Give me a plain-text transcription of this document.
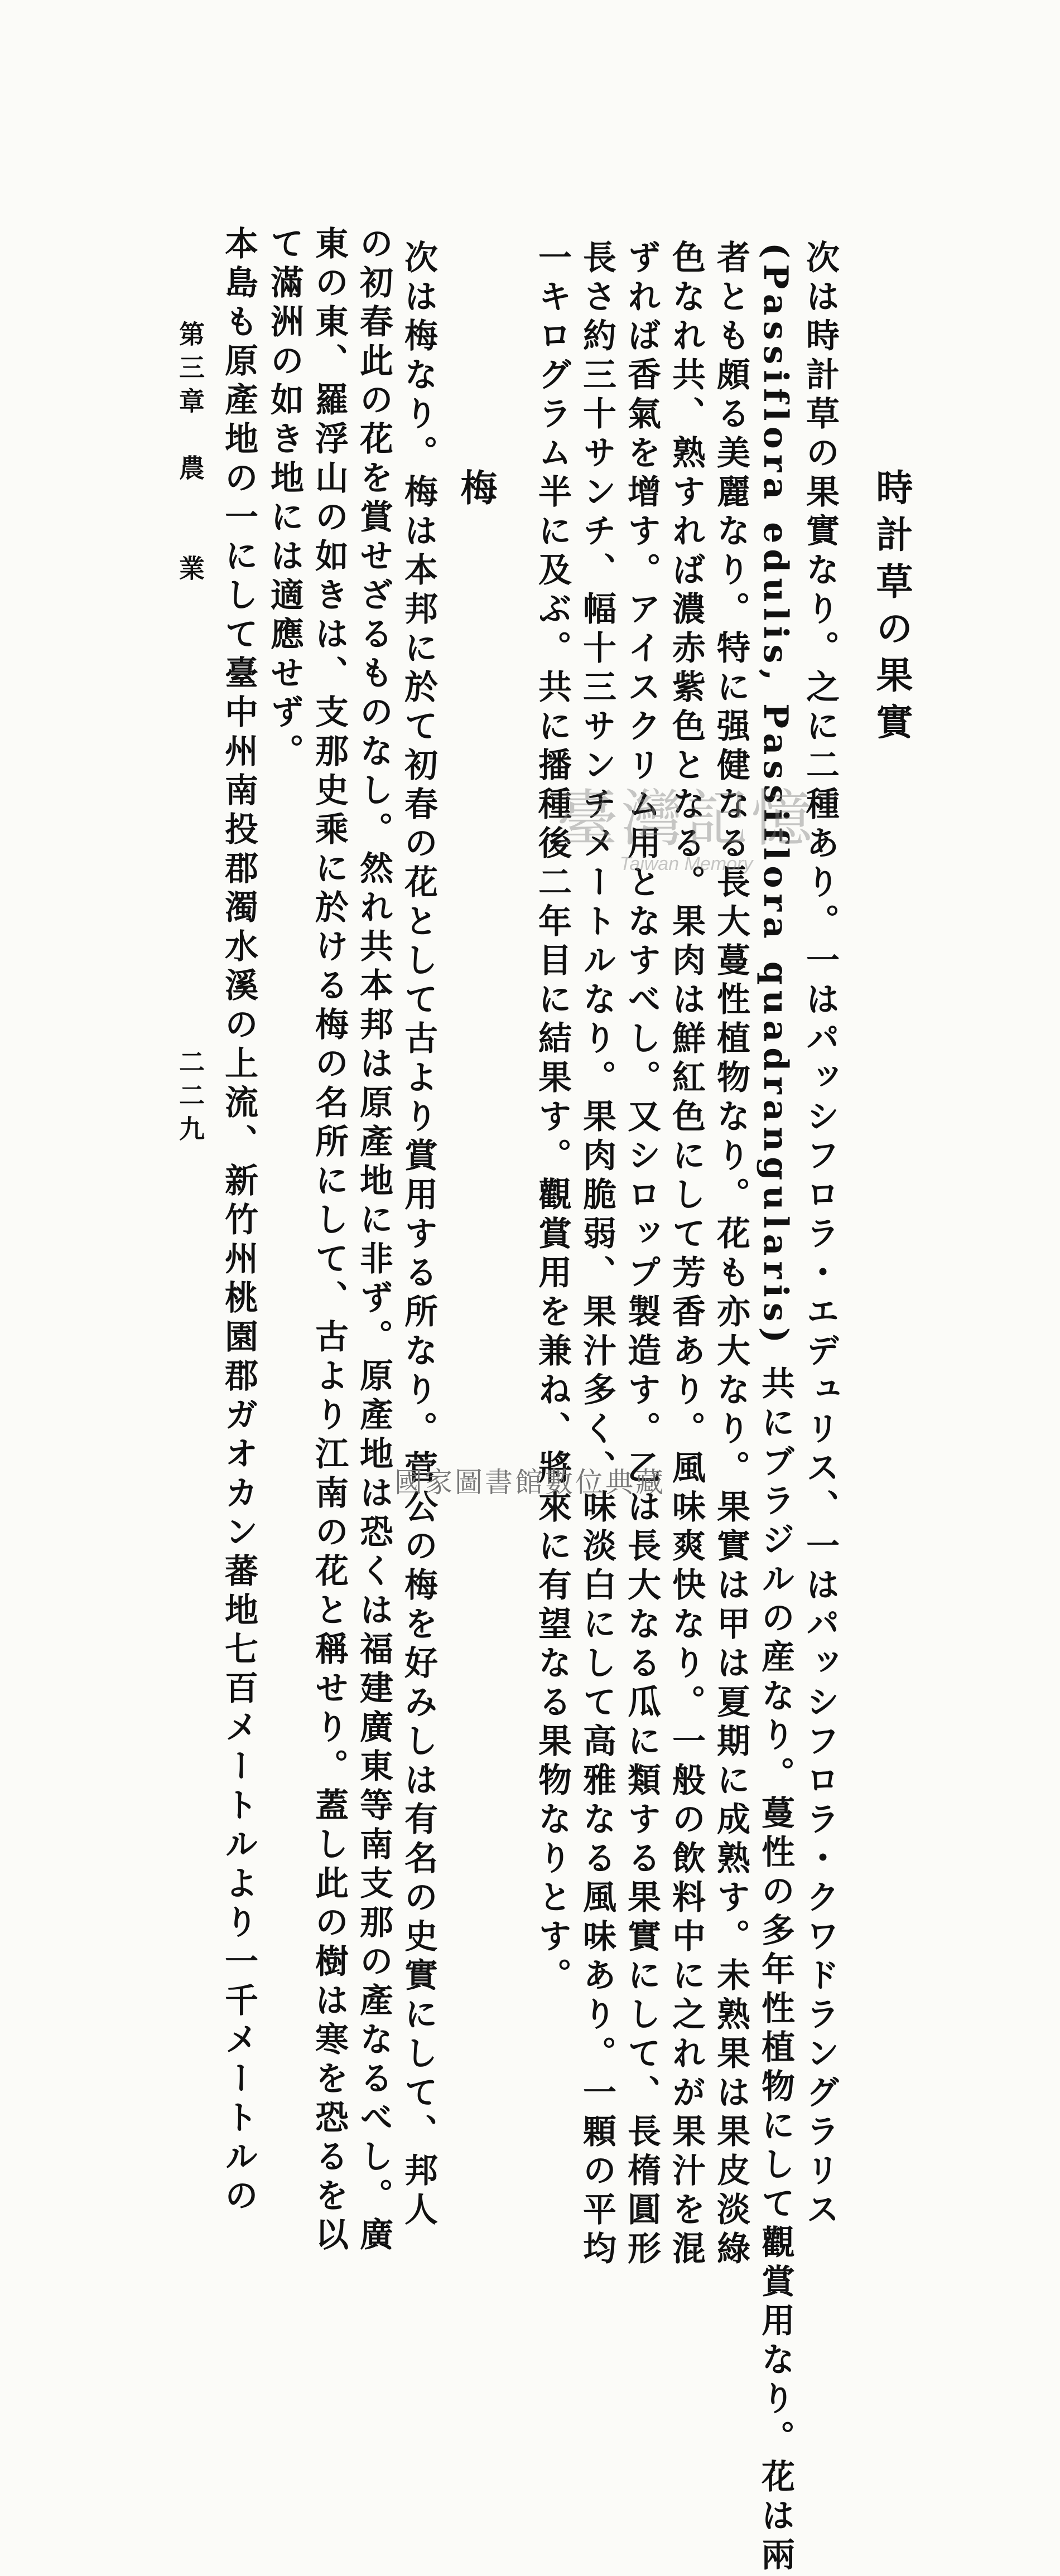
時計草の果實
次は時計草の果實なり。之に二種あり。一はパッシフロラ・エデュリス、一はパッシフロラ・クワドラングラリス
(Passiflora edulis, Passiflora quadrangularis) 共にブラジルの産なり。蔓性の多年性植物にして觀賞用なり。花は兩
者とも頗る美麗なり。特に强健なる長大蔓性植物なり。花も亦大なり。果實は甲は夏期に成熟す。未熟果は果皮淡綠
色なれ共、熟すれば濃赤紫色となる。果肉は鮮紅色にして芳香あり。風味爽快なり。一般の飲料中に之れが果汁を混
ずれば香氣を增す。アイスクリム用となすべし。又シロップ製造す。乙は長大なる瓜に類する果實にして、長楕圓形
長さ約三十サンチ、幅十三サンチメートルなり。果肉脆弱、果汁多く、味淡白にして高雅なる風味あり。一顆の平均
一キログラム半に及ぶ。共に播種後二年目に結果す。觀賞用を兼ね、將來に有望なる果物なりとす。
梅
次は梅なり。梅は本邦に於て初春の花として古より賞用する所なり。菅公の梅を好みしは有名の史實にして、邦人
の初春此の花を賞せざるものなし。然れ共本邦は原產地に非ず。原產地は恐くは福建廣東等南支那の產なるべし。廣
東の東、羅浮山の如きは、支那史乘に於ける梅の名所にして、古より江南の花と稱せり。蓋し此の樹は寒を恐るを以
て滿洲の如き地には適應せず。
本島も原產地の一にして臺中州南投郡濁水溪の上流、新竹州桃園郡ガオカン蕃地七百メートルより一千メートルの
第三章　農　　業
二二九
臺灣記憶
Taiwan Memory
國家圖書館數位典藏
